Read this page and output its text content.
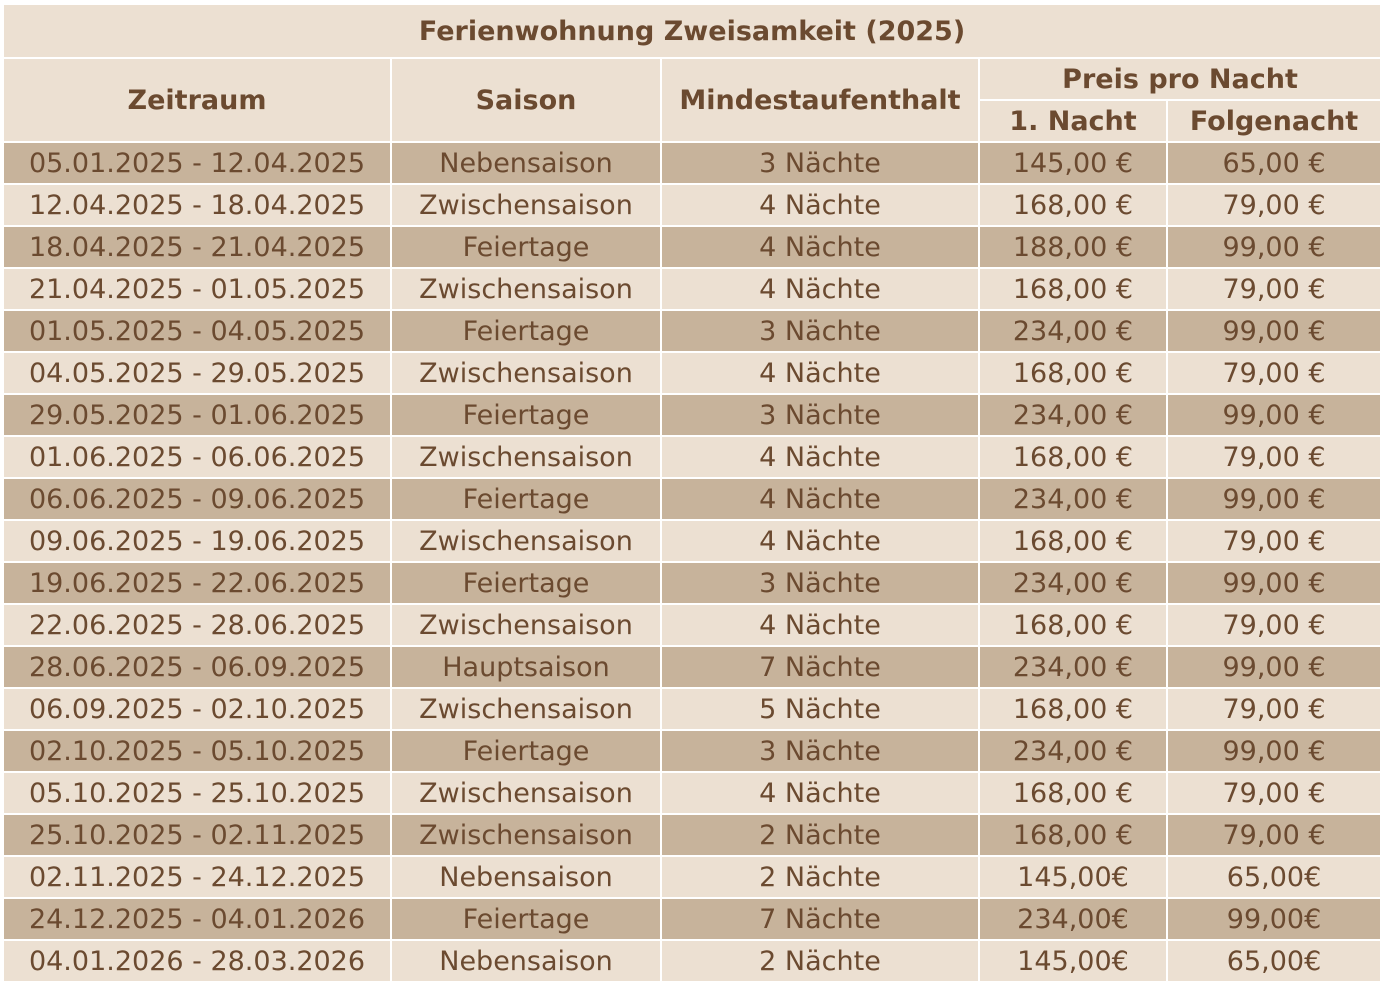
Ferienwohnung Zweisamkeit (2025)				
Zeitraum	Saison	Mindestaufenthalt	Preis pro Nacht	
			1. Nacht	Folgenacht
05.01.2025 - 12.04.2025	Nebensaison	3 Nächte	145,00 €	65,00 €
12.04.2025 - 18.04.2025	Zwischensaison	4 Nächte	168,00 €	79,00 €
18.04.2025 - 21.04.2025	Feiertage	4 Nächte	188,00 €	99,00 €
21.04.2025 - 01.05.2025	Zwischensaison	4 Nächte	168,00 €	79,00 €
01.05.2025 - 04.05.2025	Feiertage	3 Nächte	234,00 €	99,00 €
04.05.2025 - 29.05.2025	Zwischensaison	4 Nächte	168,00 €	79,00 €
29.05.2025 - 01.06.2025	Feiertage	3 Nächte	234,00 €	99,00 €
01.06.2025 - 06.06.2025	Zwischensaison	4 Nächte	168,00 €	79,00 €
06.06.2025 - 09.06.2025	Feiertage	4 Nächte	234,00 €	99,00 €
09.06.2025 - 19.06.2025	Zwischensaison	4 Nächte	168,00 €	79,00 €
19.06.2025 - 22.06.2025	Feiertage	3 Nächte	234,00 €	99,00 €
22.06.2025 - 28.06.2025	Zwischensaison	4 Nächte	168,00 €	79,00 €
28.06.2025 - 06.09.2025	Hauptsaison	7 Nächte	234,00 €	99,00 €
06.09.2025 - 02.10.2025	Zwischensaison	5 Nächte	168,00 €	79,00 €
02.10.2025 - 05.10.2025	Feiertage	3 Nächte	234,00 €	99,00 €
05.10.2025 - 25.10.2025	Zwischensaison	4 Nächte	168,00 €	79,00 €
25.10.2025 - 02.11.2025	Zwischensaison	2 Nächte	168,00 €	79,00 €
02.11.2025 - 24.12.2025	Nebensaison	2 Nächte	145,00€	65,00€
24.12.2025 - 04.01.2026	Feiertage	7 Nächte	234,00€	99,00€
04.01.2026 - 28.03.2026	Nebensaison	2 Nächte	145,00€	65,00€
